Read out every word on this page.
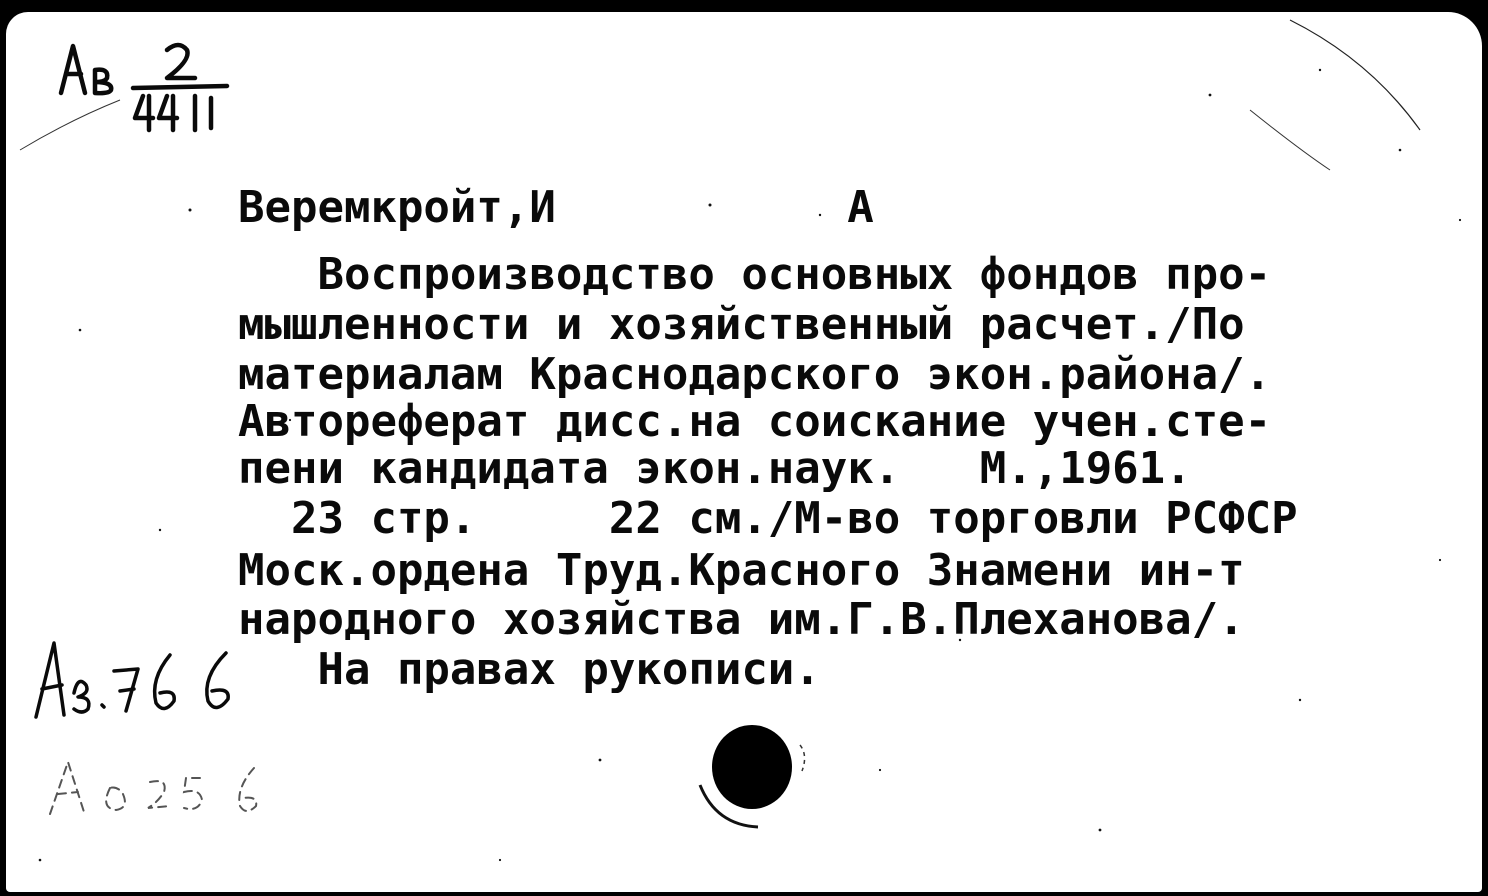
Веремкройт,И           А
Воспроизводство основных фондов про-
мышленности и хозяйственный расчет./По
материалам Краснодарского экон.района/.
Автореферат дисс.на соискание учен.сте-
пени кандидата экон.наук.   М.,1961.
23 стр.     22 см./М-во торговли РСФСР
Моск.ордена Труд.Красного Знамени ин-т
народного хозяйства им.Г.В.Плеханова/.
На правах рукописи.
